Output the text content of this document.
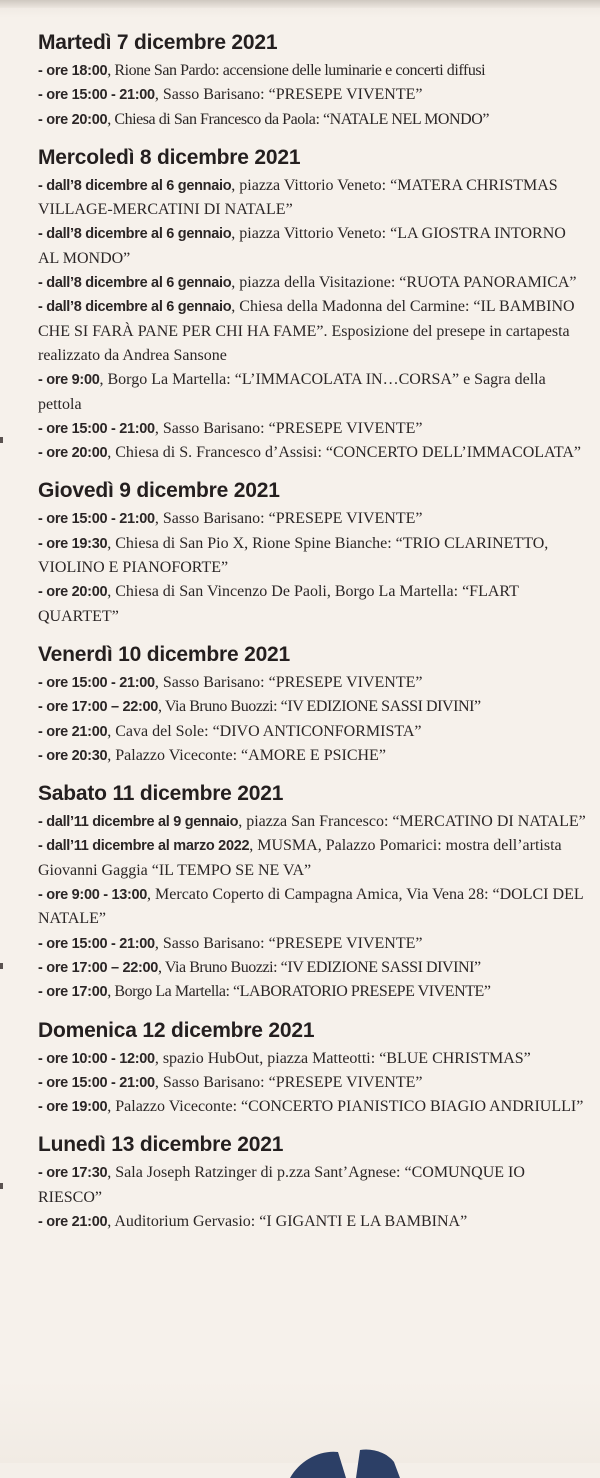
Martedì 7 dicembre 2021

- ore 18:00, Rione San Pardo: accensione delle luminarie e concerti diffusi

- ore 15:00 - 21:00, Sasso Barisano: “PRESEPE VIVENTE”

- ore 20:00, Chiesa di San Francesco da Paola: “NATALE NEL MONDO”

Mercoledì 8 dicembre 2021

- dall’8 dicembre al 6 gennaio, piazza Vittorio Veneto: “MATERA CHRISTMAS VILLAGE-MERCATINI DI NATALE”

- dall’8 dicembre al 6 gennaio, piazza Vittorio Veneto: “LA GIOSTRA INTORNO AL MONDO”

- dall’8 dicembre al 6 gennaio, piazza della Visitazione: “RUOTA PANORAMICA”

- dall’8 dicembre al 6 gennaio, Chiesa della Madonna del Carmine: “IL BAMBINO CHE SI FARÀ PANE PER CHI HA FAME”. Esposizione del presepe in cartapesta realizzato da Andrea Sansone

- ore 9:00, Borgo La Martella: “L’IMMACOLATA IN…CORSA” e Sagra della pettola

- ore 15:00 - 21:00, Sasso Barisano: “PRESEPE VIVENTE”

- ore 20:00, Chiesa di S. Francesco d’Assisi: “CONCERTO DELL’IMMACOLATA”

Giovedì 9 dicembre 2021

- ore 15:00 - 21:00, Sasso Barisano: “PRESEPE VIVENTE”

- ore 19:30, Chiesa di San Pio X, Rione Spine Bianche: “TRIO CLARINETTO, VIOLINO E PIANOFORTE”

- ore 20:00, Chiesa di San Vincenzo De Paoli, Borgo La Martella: “FLART QUARTET”

Venerdì 10 dicembre 2021

- ore 15:00 - 21:00, Sasso Barisano: “PRESEPE VIVENTE”

- ore 17:00 – 22:00, Via Bruno Buozzi: “IV EDIZIONE SASSI DIVINI”

- ore 21:00, Cava del Sole: “DIVO ANTICONFORMISTA”

- ore 20:30, Palazzo Viceconte: “AMORE E PSICHE”

Sabato 11 dicembre 2021

- dall’11 dicembre al 9 gennaio, piazza San Francesco: “MERCATINO DI NATALE”

- dall’11 dicembre al marzo 2022, MUSMA, Palazzo Pomarici: mostra dell’artista Giovanni Gaggia “IL TEMPO SE NE VA”

- ore 9:00 - 13:00, Mercato Coperto di Campagna Amica, Via Vena 28: “DOLCI DEL NATALE”

- ore 15:00 - 21:00, Sasso Barisano: “PRESEPE VIVENTE”

- ore 17:00 – 22:00, Via Bruno Buozzi: “IV EDIZIONE SASSI DIVINI”

- ore 17:00, Borgo La Martella: “LABORATORIO PRESEPE VIVENTE”

Domenica 12 dicembre 2021

- ore 10:00 - 12:00, spazio HubOut, piazza Matteotti: “BLUE CHRISTMAS”

- ore 15:00 - 21:00, Sasso Barisano: “PRESEPE VIVENTE”

- ore 19:00, Palazzo Viceconte: “CONCERTO PIANISTICO BIAGIO ANDRIULLI”

Lunedì 13 dicembre 2021

- ore 17:30, Sala Joseph Ratzinger di p.zza Sant’Agnese: “COMUNQUE IO RIESCO”

- ore 21:00, Auditorium Gervasio: “I GIGANTI E LA BAMBINA”
